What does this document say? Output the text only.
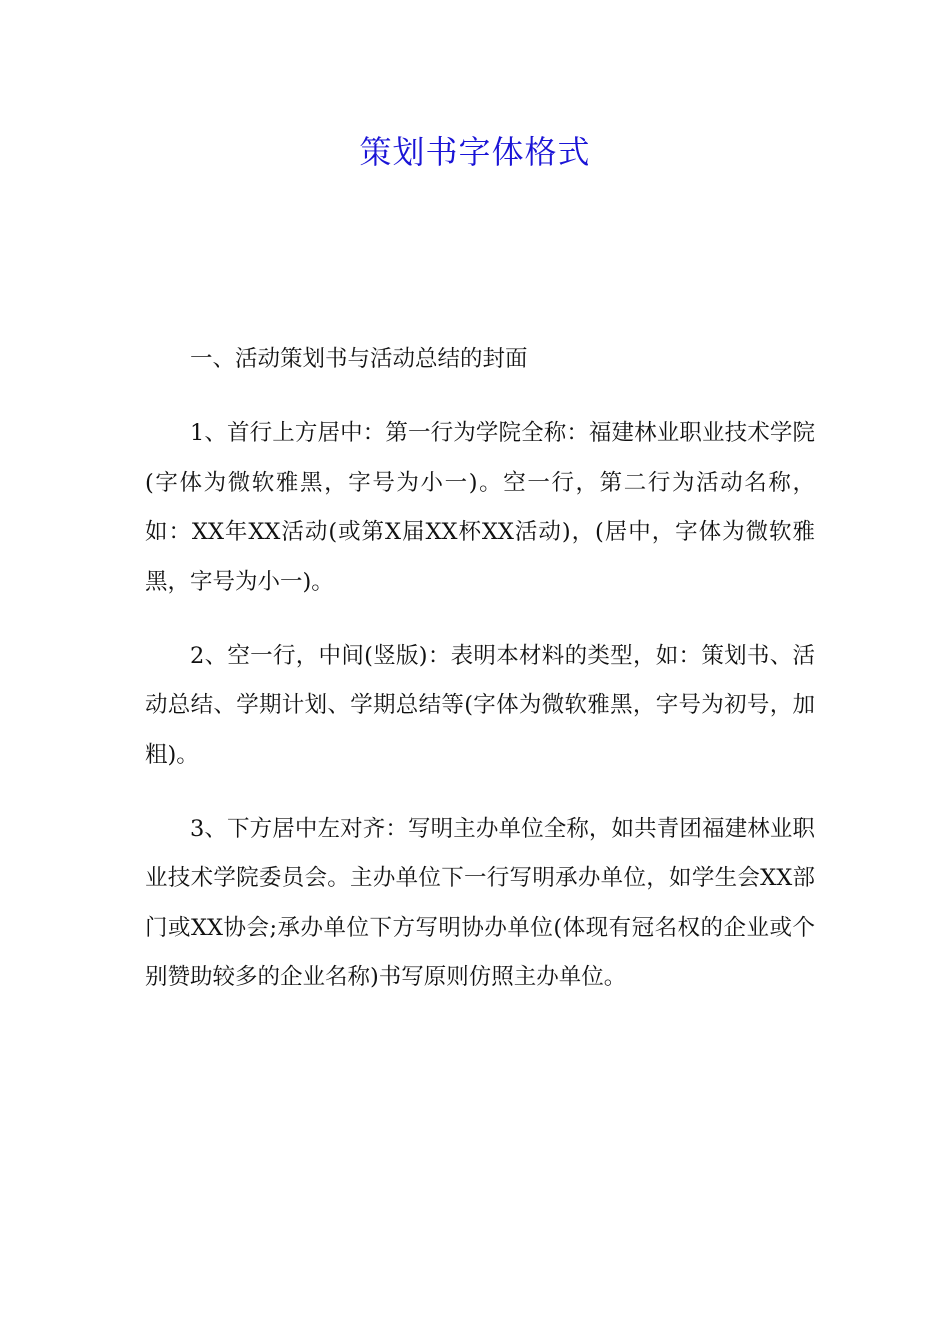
策划书字体格式

一、活动策划书与活动总结的封面

1、首行上方居中：第一行为学院全称：福建林业职业技术学院(字体为微软雅黑，字号为小一)。空一行，第二行为活动名称，如：XX年XX活动(或第X届XX杯XX活动)，(居中，字体为微软雅黑，字号为小一)。

2、空一行，中间(竖版)：表明本材料的类型，如：策划书、活动总结、学期计划、学期总结等(字体为微软雅黑，字号为初号，加粗)。

3、下方居中左对齐：写明主办单位全称，如共青团福建林业职业技术学院委员会。主办单位下一行写明承办单位，如学生会XX部门或XX协会;承办单位下方写明协办单位(体现有冠名权的企业或个别赞助较多的企业名称)书写原则仿照主办单位。
